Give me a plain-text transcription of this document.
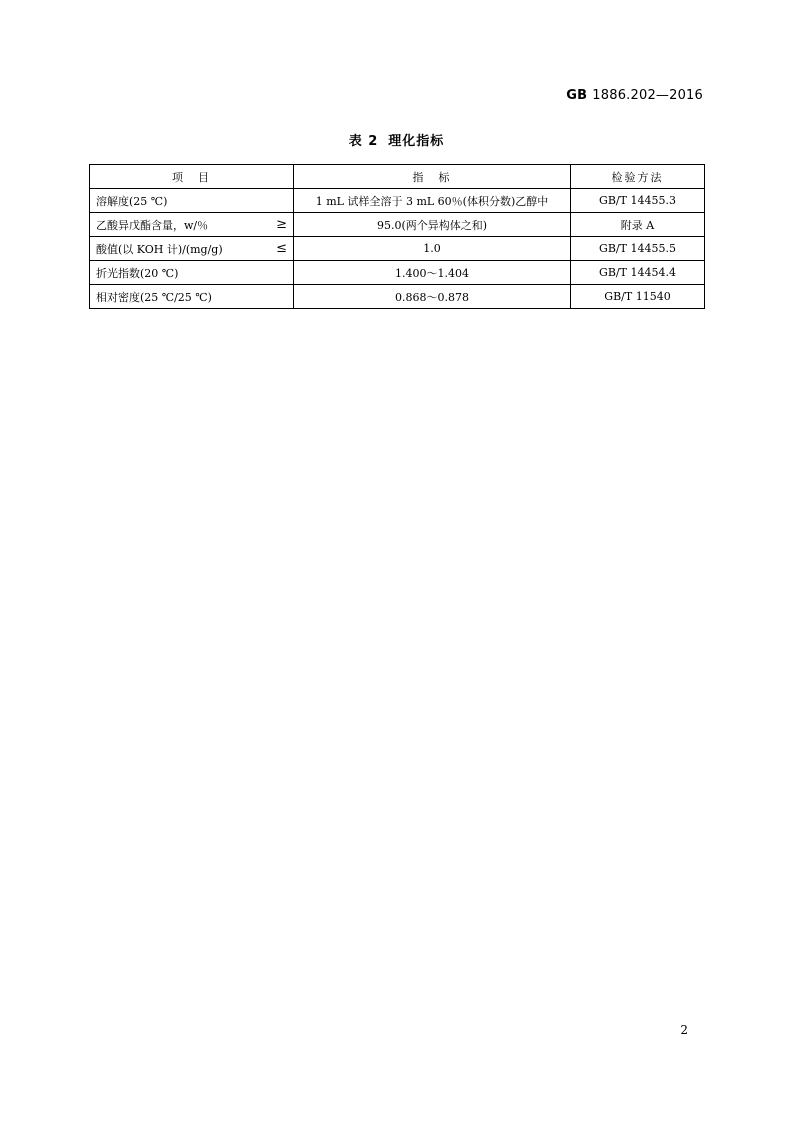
GB 1886.202—2016
表 2 理化指标
项　目	指　标	检验方法

溶解度(25 ℃)	1 mL 试样全溶于 3 mL 60％(体积分数)乙醇中	GB/T 14455.3

乙酸异戊酯含量，w/％ ≥	95.0(两个异构体之和)	附录 A

酸值(以 KOH 计)/(mg/g) ≤	1.0	GB/T 14455.5

折光指数(20 ℃)	1.400～1.404	GB/T 14454.4

相对密度(25 ℃/25 ℃)	0.868～0.878	GB/T 11540
2
